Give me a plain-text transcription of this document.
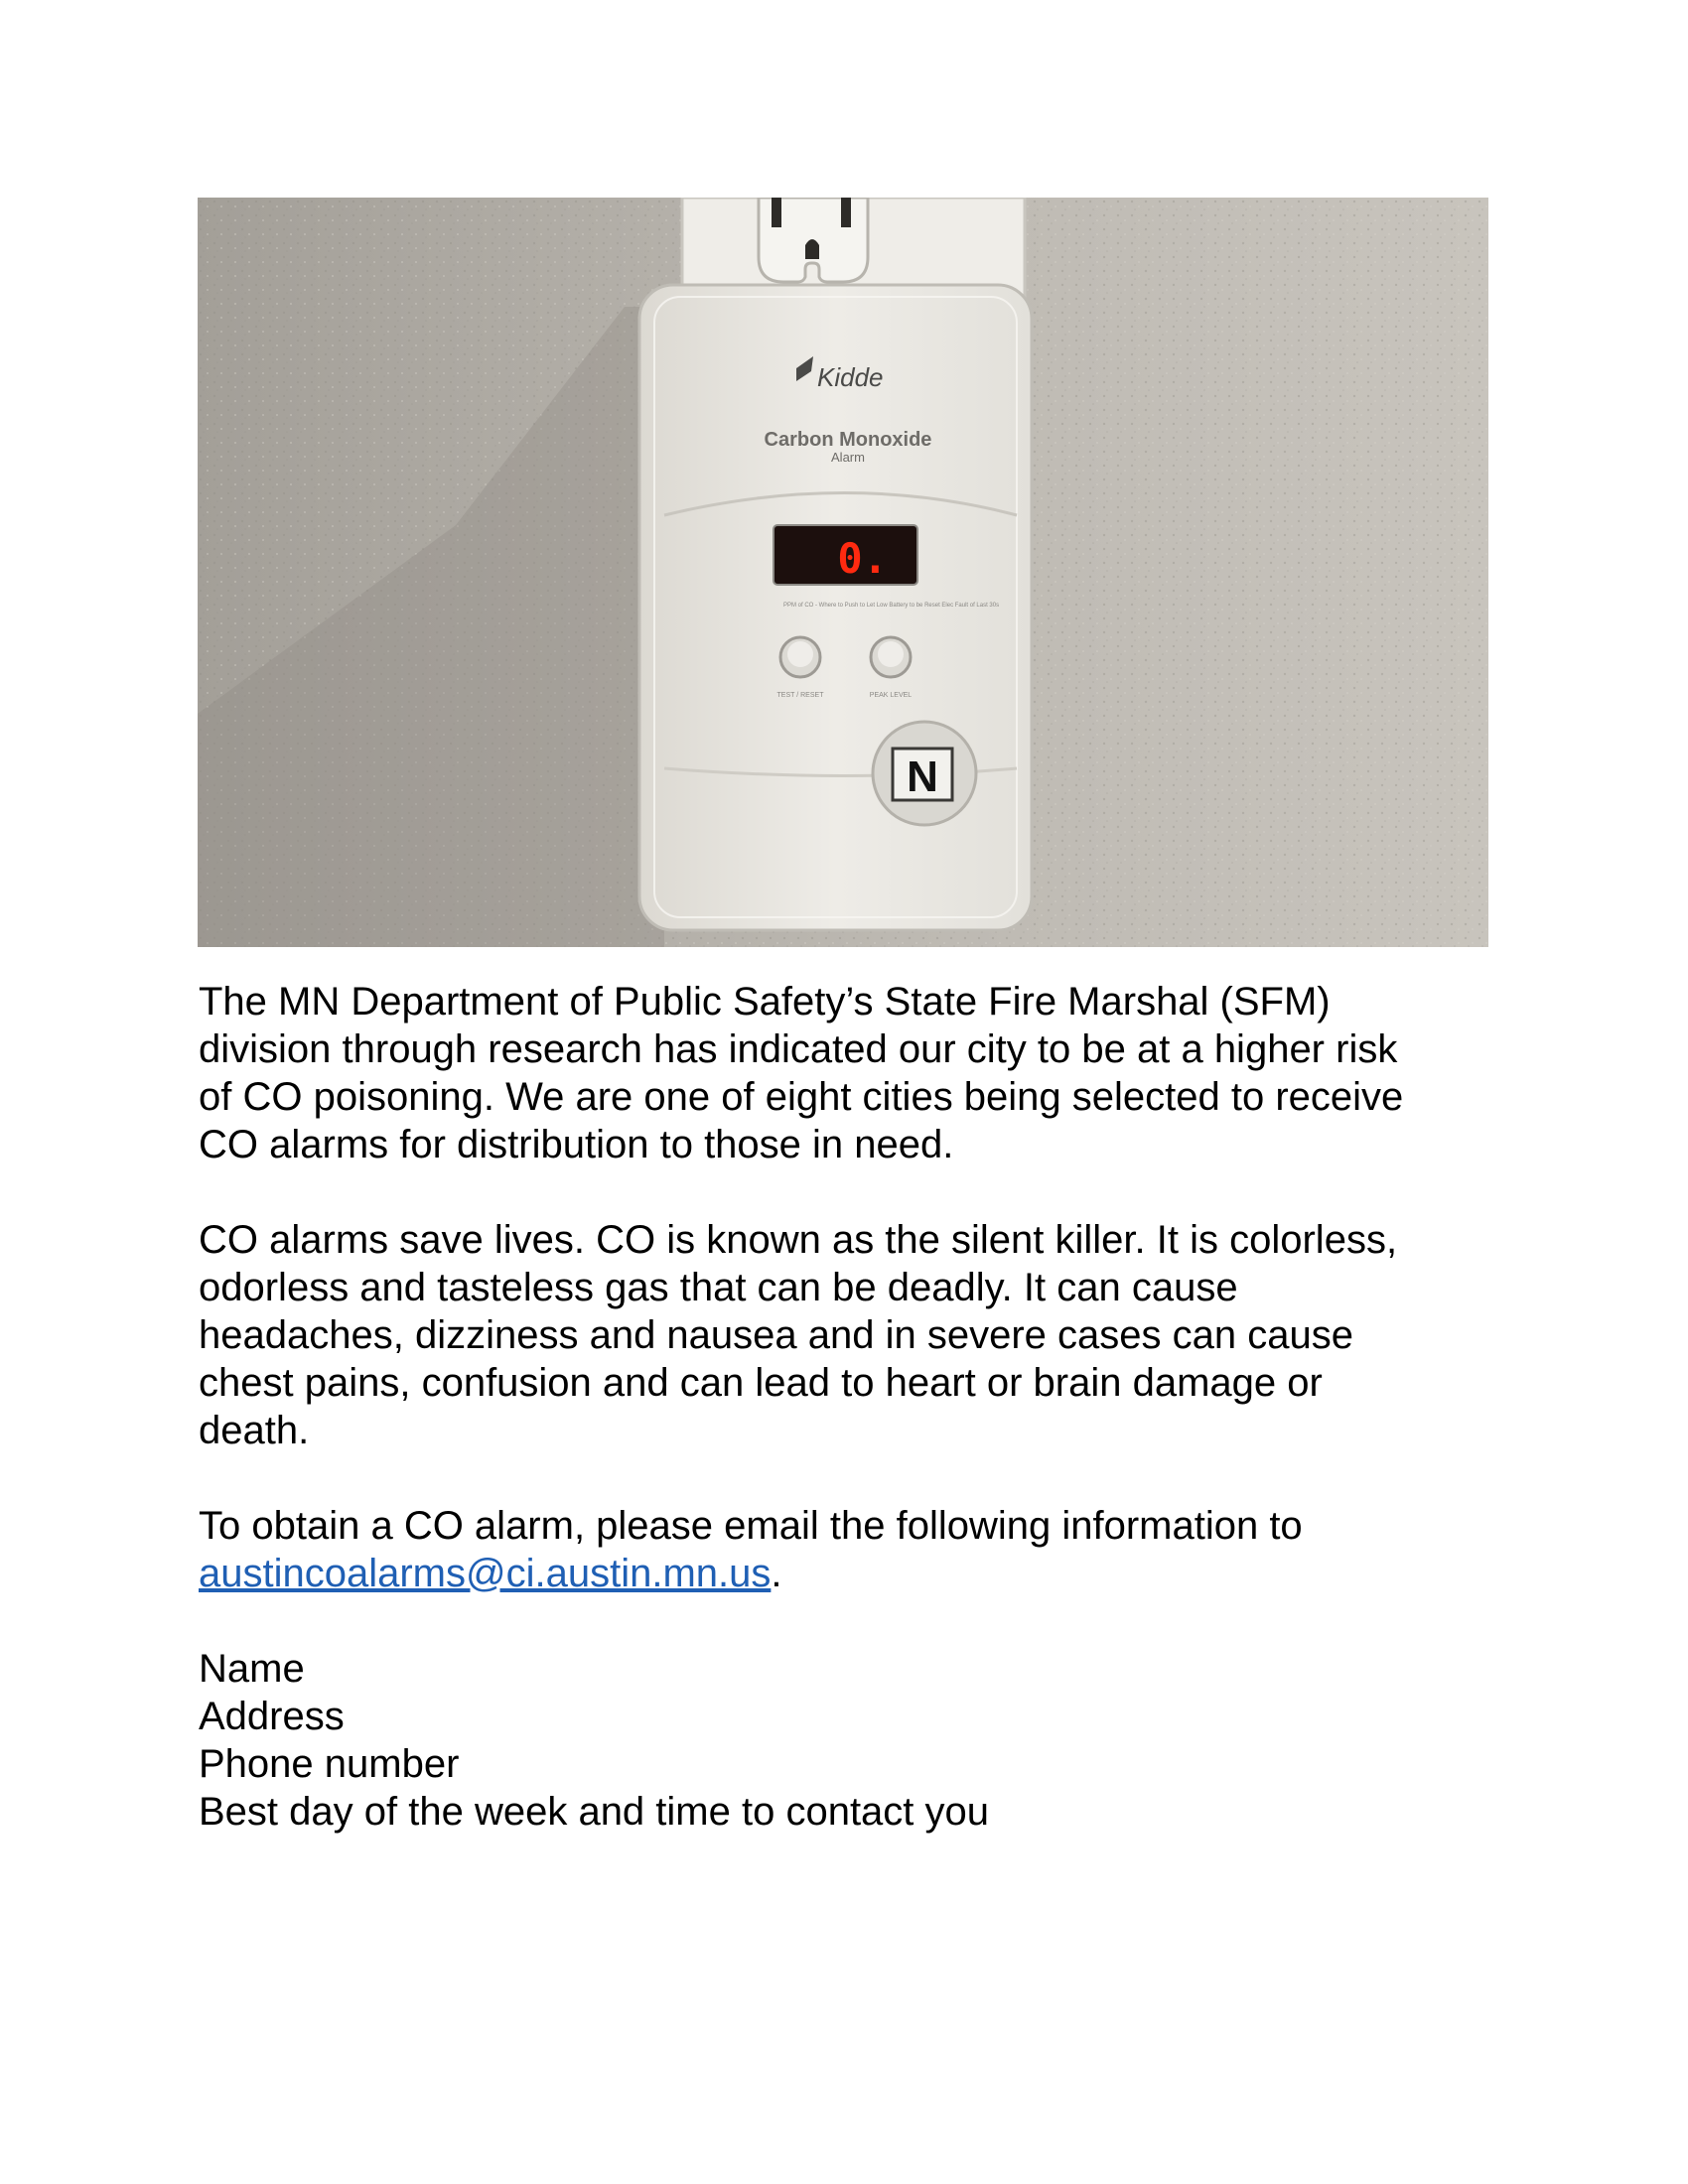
Kidde
Carbon Monoxide
Alarm
0.
PPM of CO - Where to Push to Let Low Battery to be Reset Elec Fault of Last 30s
TEST / RESET	PEAK LEVEL
N

The MN Department of Public Safety’s State Fire Marshal (SFM)
division through research has indicated our city to be at a higher risk
of CO poisoning. We are one of eight cities being selected to receive
CO alarms for distribution to those in need.

CO alarms save lives. CO is known as the silent killer. It is colorless,
odorless and tasteless gas that can be deadly. It can cause
headaches, dizziness and nausea and in severe cases can cause
chest pains, confusion and can lead to heart or brain damage or
death.

To obtain a CO alarm, please email the following information to
austincoalarms@ci.austin.mn.us.

Name
Address
Phone number
Best day of the week and time to contact you
